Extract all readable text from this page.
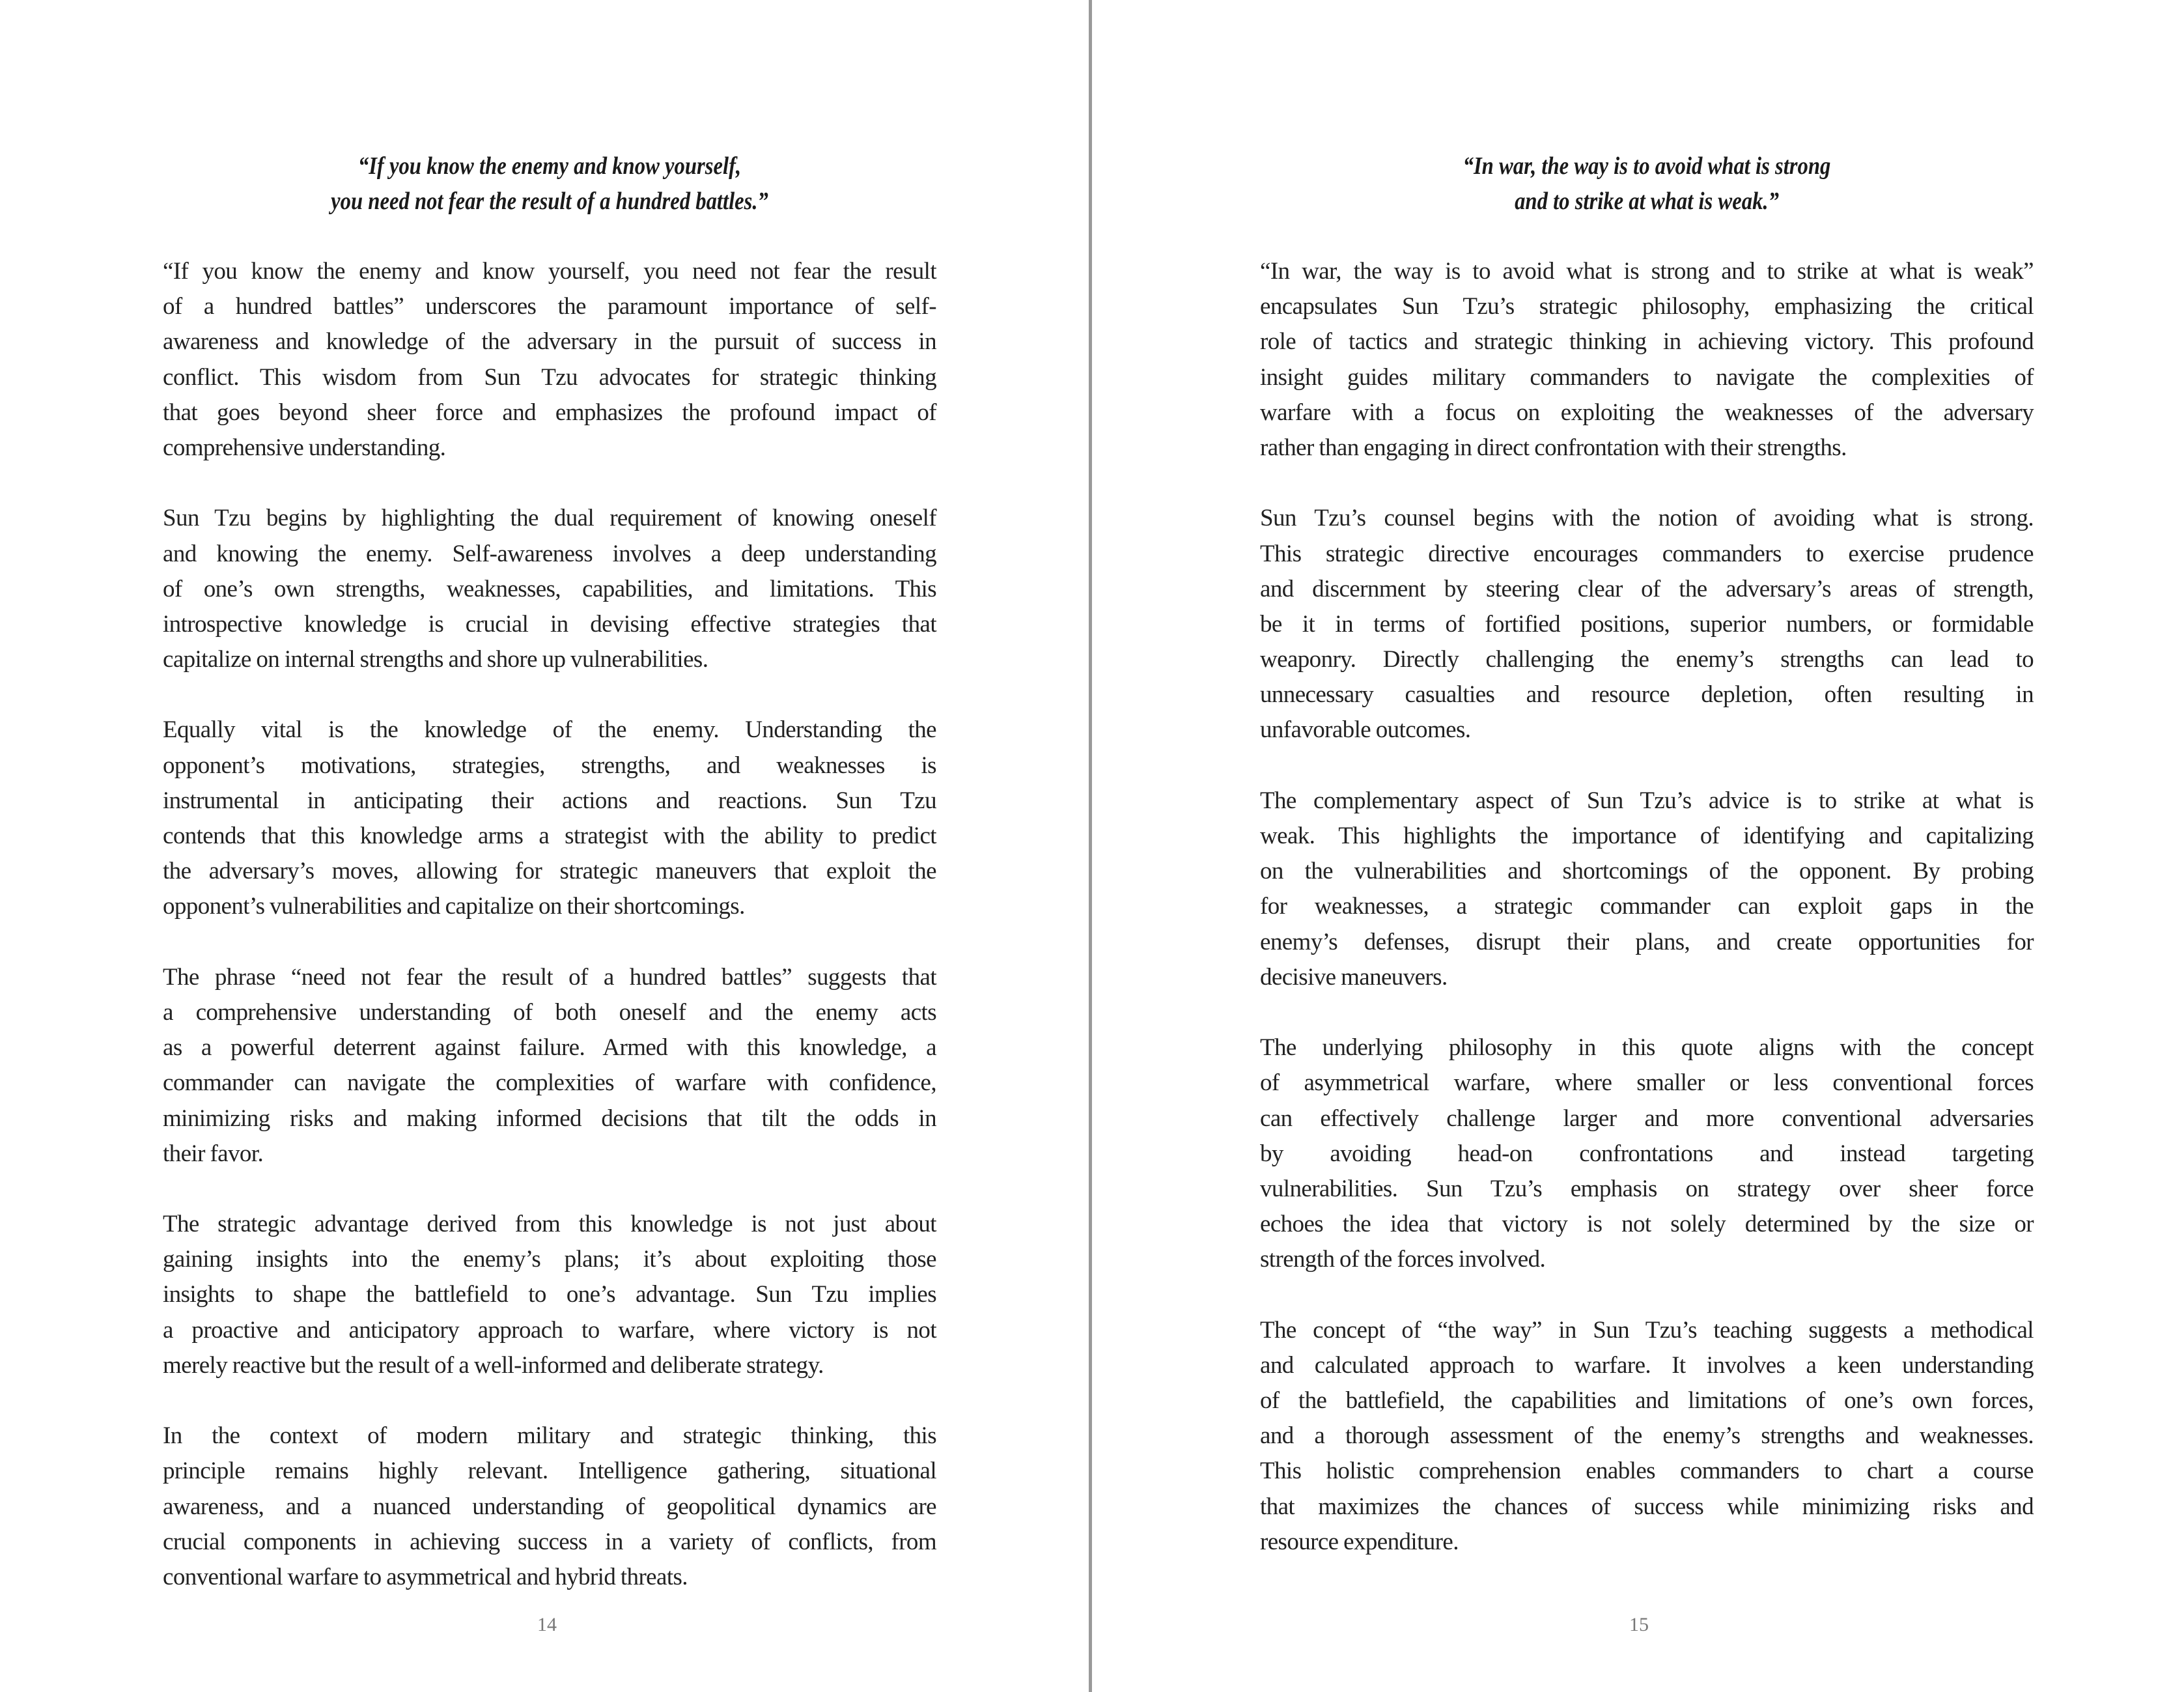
“If you know the enemy and know yourself,
you need not fear the result of a hundred battles.”
“If you know the enemy and know yourself, you need not fear the result
of a hundred battles” underscores the paramount importance of self-
awareness and knowledge of the adversary in the pursuit of success in
conflict. This wisdom from Sun Tzu advocates for strategic thinking
that goes beyond sheer force and emphasizes the profound impact of
comprehensive understanding.
Sun Tzu begins by highlighting the dual requirement of knowing oneself
and knowing the enemy. Self-awareness involves a deep understanding
of one’s own strengths, weaknesses, capabilities, and limitations. This
introspective knowledge is crucial in devising effective strategies that
capitalize on internal strengths and shore up vulnerabilities.
Equally vital is the knowledge of the enemy. Understanding the
opponent’s motivations, strategies, strengths, and weaknesses is
instrumental in anticipating their actions and reactions. Sun Tzu
contends that this knowledge arms a strategist with the ability to predict
the adversary’s moves, allowing for strategic maneuvers that exploit the
opponent’s vulnerabilities and capitalize on their shortcomings.
The phrase “need not fear the result of a hundred battles” suggests that
a comprehensive understanding of both oneself and the enemy acts
as a powerful deterrent against failure. Armed with this knowledge, a
commander can navigate the complexities of warfare with confidence,
minimizing risks and making informed decisions that tilt the odds in
their favor.
The strategic advantage derived from this knowledge is not just about
gaining insights into the enemy’s plans; it’s about exploiting those
insights to shape the battlefield to one’s advantage. Sun Tzu implies
a proactive and anticipatory approach to warfare, where victory is not
merely reactive but the result of a well-informed and deliberate strategy.
In the context of modern military and strategic thinking, this
principle remains highly relevant. Intelligence gathering, situational
awareness, and a nuanced understanding of geopolitical dynamics are
crucial components in achieving success in a variety of conflicts, from
conventional warfare to asymmetrical and hybrid threats.
14
“In war, the way is to avoid what is strong
and to strike at what is weak.”
“In war, the way is to avoid what is strong and to strike at what is weak”
encapsulates Sun Tzu’s strategic philosophy, emphasizing the critical
role of tactics and strategic thinking in achieving victory. This profound
insight guides military commanders to navigate the complexities of
warfare with a focus on exploiting the weaknesses of the adversary
rather than engaging in direct confrontation with their strengths.
Sun Tzu’s counsel begins with the notion of avoiding what is strong.
This strategic directive encourages commanders to exercise prudence
and discernment by steering clear of the adversary’s areas of strength,
be it in terms of fortified positions, superior numbers, or formidable
weaponry. Directly challenging the enemy’s strengths can lead to
unnecessary casualties and resource depletion, often resulting in
unfavorable outcomes.
The complementary aspect of Sun Tzu’s advice is to strike at what is
weak. This highlights the importance of identifying and capitalizing
on the vulnerabilities and shortcomings of the opponent. By probing
for weaknesses, a strategic commander can exploit gaps in the
enemy’s defenses, disrupt their plans, and create opportunities for
decisive maneuvers.
The underlying philosophy in this quote aligns with the concept
of asymmetrical warfare, where smaller or less conventional forces
can effectively challenge larger and more conventional adversaries
by avoiding head-on confrontations and instead targeting
vulnerabilities. Sun Tzu’s emphasis on strategy over sheer force
echoes the idea that victory is not solely determined by the size or
strength of the forces involved.
The concept of “the way” in Sun Tzu’s teaching suggests a methodical
and calculated approach to warfare. It involves a keen understanding
of the battlefield, the capabilities and limitations of one’s own forces,
and a thorough assessment of the enemy’s strengths and weaknesses.
This holistic comprehension enables commanders to chart a course
that maximizes the chances of success while minimizing risks and
resource expenditure.
15
